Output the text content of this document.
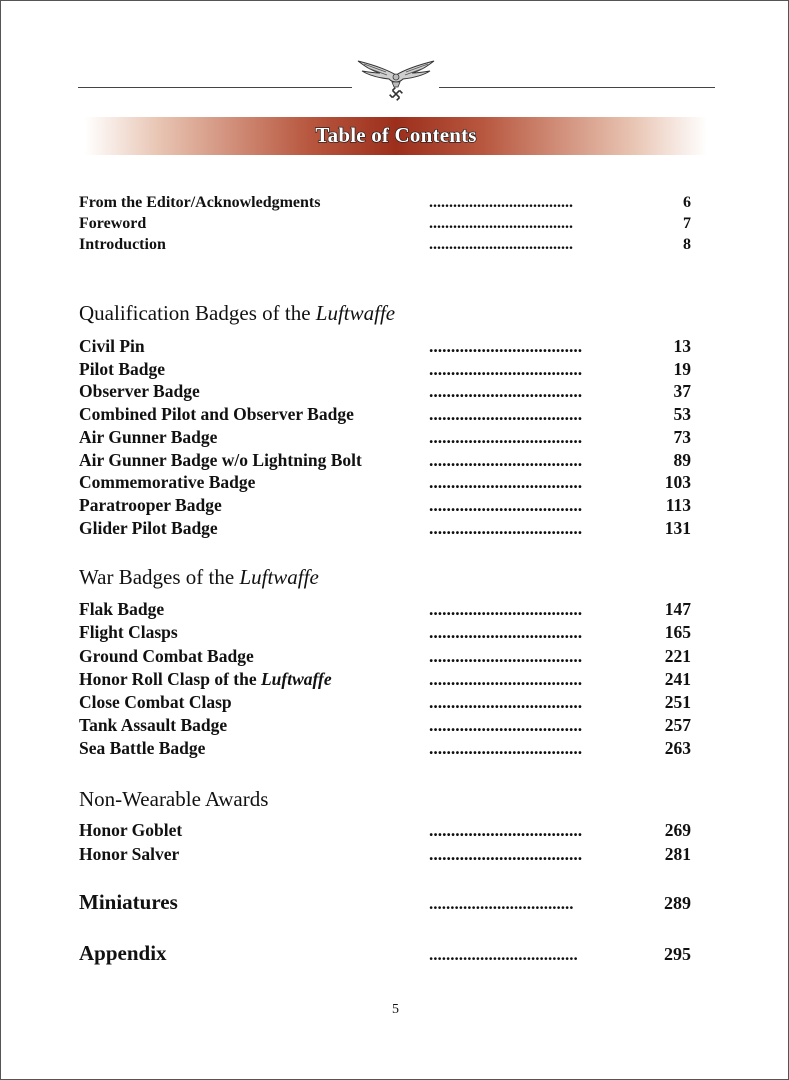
Table of Contents
From the Editor/Acknowledgments	....................................	6
Foreword	....................................	7
Introduction	....................................	8
Qualification Badges of the Luftwaffe
Civil Pin	...................................	13
Pilot Badge	...................................	19
Observer Badge	...................................	37
Combined Pilot and Observer Badge	...................................	53
Air Gunner Badge	...................................	73
Air Gunner Badge w/o Lightning Bolt	...................................	89
Commemorative Badge	...................................	103
Paratrooper Badge	...................................	113
Glider Pilot Badge	...................................	131
War Badges of the Luftwaffe
Flak Badge	...................................	147
Flight Clasps	...................................	165
Ground Combat Badge	...................................	221
Honor Roll Clasp of the Luftwaffe	...................................	241
Close Combat Clasp	...................................	251
Tank Assault Badge	...................................	257
Sea Battle Badge	...................................	263
Non-Wearable Awards
Honor Goblet	...................................	269
Honor Salver	...................................	281
Miniatures	..................................	289
Appendix	...................................	295
5
